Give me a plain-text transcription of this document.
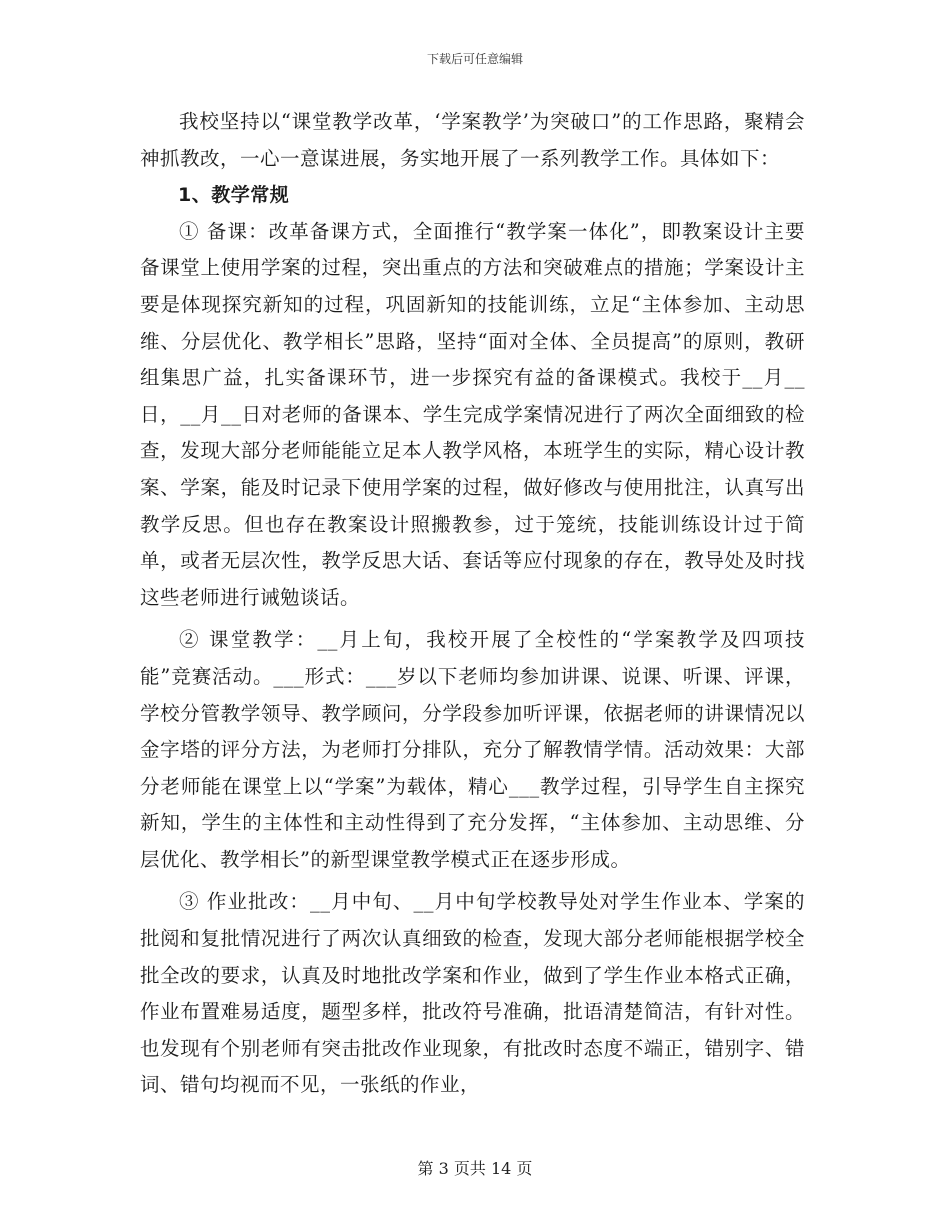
下载后可任意编辑

我校坚持以“课堂教学改革，‘学案教学’为突破口”的工作思路，聚精会神抓教改，一心一意谋进展，务实地开展了一系列教学工作。具体如下：

1、教学常规

① 备课：改革备课方式，全面推行“教学案一体化”，即教案设计主要备课堂上使用学案的过程，突出重点的方法和突破难点的措施；学案设计主要是体现探究新知的过程，巩固新知的技能训练，立足“主体参加、主动思维、分层优化、教学相长”思路，坚持“面对全体、全员提高”的原则，教研组集思广益，扎实备课环节，进一步探究有益的备课模式。我校于__月__日，__月__日对老师的备课本、学生完成学案情况进行了两次全面细致的检查，发现大部分老师能能立足本人教学风格，本班学生的实际，精心设计教案、学案，能及时记录下使用学案的过程，做好修改与使用批注，认真写出教学反思。但也存在教案设计照搬教参，过于笼统，技能训练设计过于简单，或者无层次性，教学反思大话、套话等应付现象的存在，教导处及时找这些老师进行诫勉谈话。

② 课堂教学：__月上旬，我校开展了全校性的“学案教学及四项技能”竞赛活动。___形式：___岁以下老师均参加讲课、说课、听课、评课，学校分管教学领导、教学顾问，分学段参加听评课，依据老师的讲课情况以金字塔的评分方法，为老师打分排队，充分了解教情学情。活动效果：大部分老师能在课堂上以“学案”为载体，精心___教学过程，引导学生自主探究新知，学生的主体性和主动性得到了充分发挥，“主体参加、主动思维、分层优化、教学相长”的新型课堂教学模式正在逐步形成。

③ 作业批改：__月中旬、__月中旬学校教导处对学生作业本、学案的批阅和复批情况进行了两次认真细致的检查，发现大部分老师能根据学校全批全改的要求，认真及时地批改学案和作业，做到了学生作业本格式正确，作业布置难易适度，题型多样，批改符号准确，批语清楚简洁，有针对性。也发现有个别老师有突击批改作业现象，有批改时态度不端正，错别字、错词、错句均视而不见，一张纸的作业，

第 3 页共 14 页
